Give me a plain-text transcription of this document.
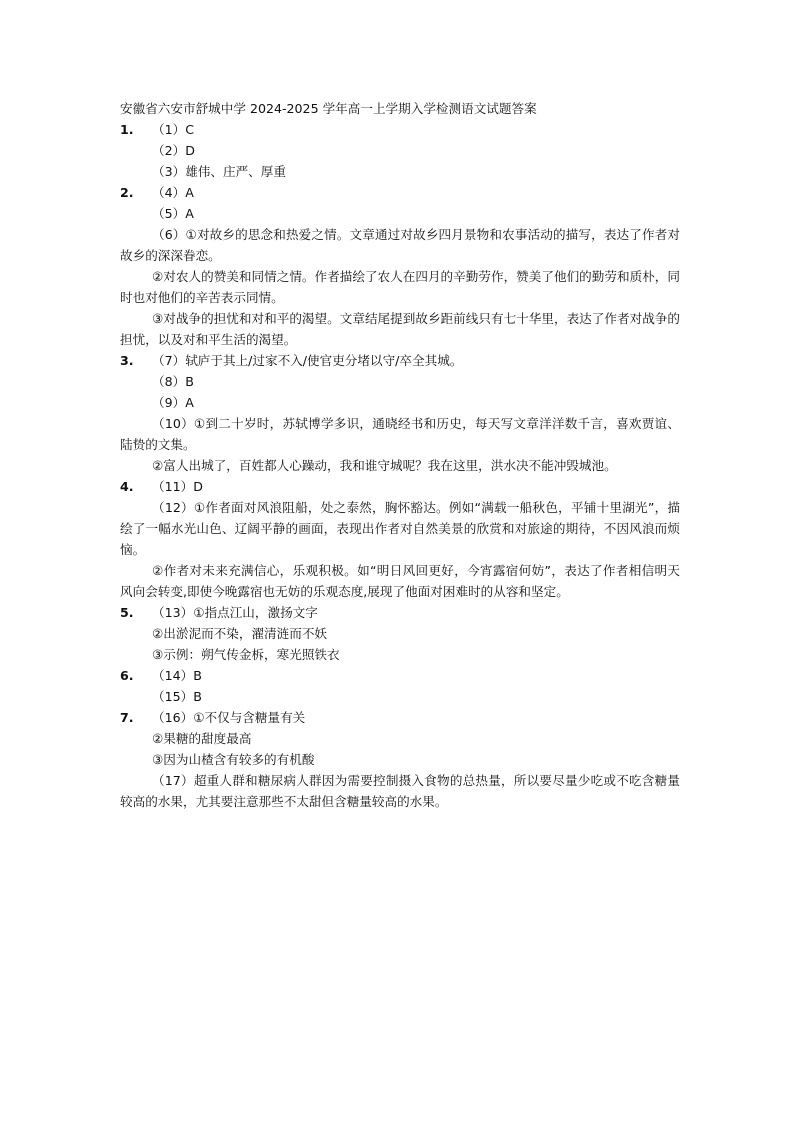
安徽省六安市舒城中学 2024-2025 学年高一上学期入学检测语文试题答案
1.	（1）C
（2）D
（3）雄伟、庄严、厚重
2.	（4）A
（5）A
（6）①对故乡的思念和热爱之情。文章通过对故乡四月景物和农事活动的描写，表达了作者对故乡的深深眷恋。
②对农人的赞美和同情之情。作者描绘了农人在四月的辛勤劳作，赞美了他们的勤劳和质朴，同时也对他们的辛苦表示同情。
③对战争的担忧和对和平的渴望。文章结尾提到故乡距前线只有七十华里，表达了作者对战争的担忧，以及对和平生活的渴望。
3.	（7）轼庐于其上/过家不入/使官吏分堵以守/卒全其城。
（8）B
（9）A
（10）①到二十岁时，苏轼博学多识，通晓经书和历史，每天写文章洋洋数千言，喜欢贾谊、陆贽的文集。
②富人出城了，百姓都人心躁动，我和谁守城呢？我在这里，洪水决不能冲毁城池。
4.	（11）D
（12）①作者面对风浪阻船，处之泰然，胸怀豁达。例如“满载一船秋色，平铺十里湖光”，描绘了一幅水光山色、辽阔平静的画面，表现出作者对自然美景的欣赏和对旅途的期待，不因风浪而烦恼。
②作者对未来充满信心，乐观积极。如“明日风回更好，今宵露宿何妨”，表达了作者相信明天风向会转变,即使今晚露宿也无妨的乐观态度,展现了他面对困难时的从容和坚定。
5.	（13）①指点江山，激扬文字
②出淤泥而不染，濯清涟而不妖
③示例：朔气传金柝，寒光照铁衣
6.	（14）B
（15）B
7.	（16）①不仅与含糖量有关
②果糖的甜度最高
③因为山楂含有较多的有机酸
（17）超重人群和糖尿病人群因为需要控制摄入食物的总热量，所以要尽量少吃或不吃含糖量较高的水果，尤其要注意那些不太甜但含糖量较高的水果。
